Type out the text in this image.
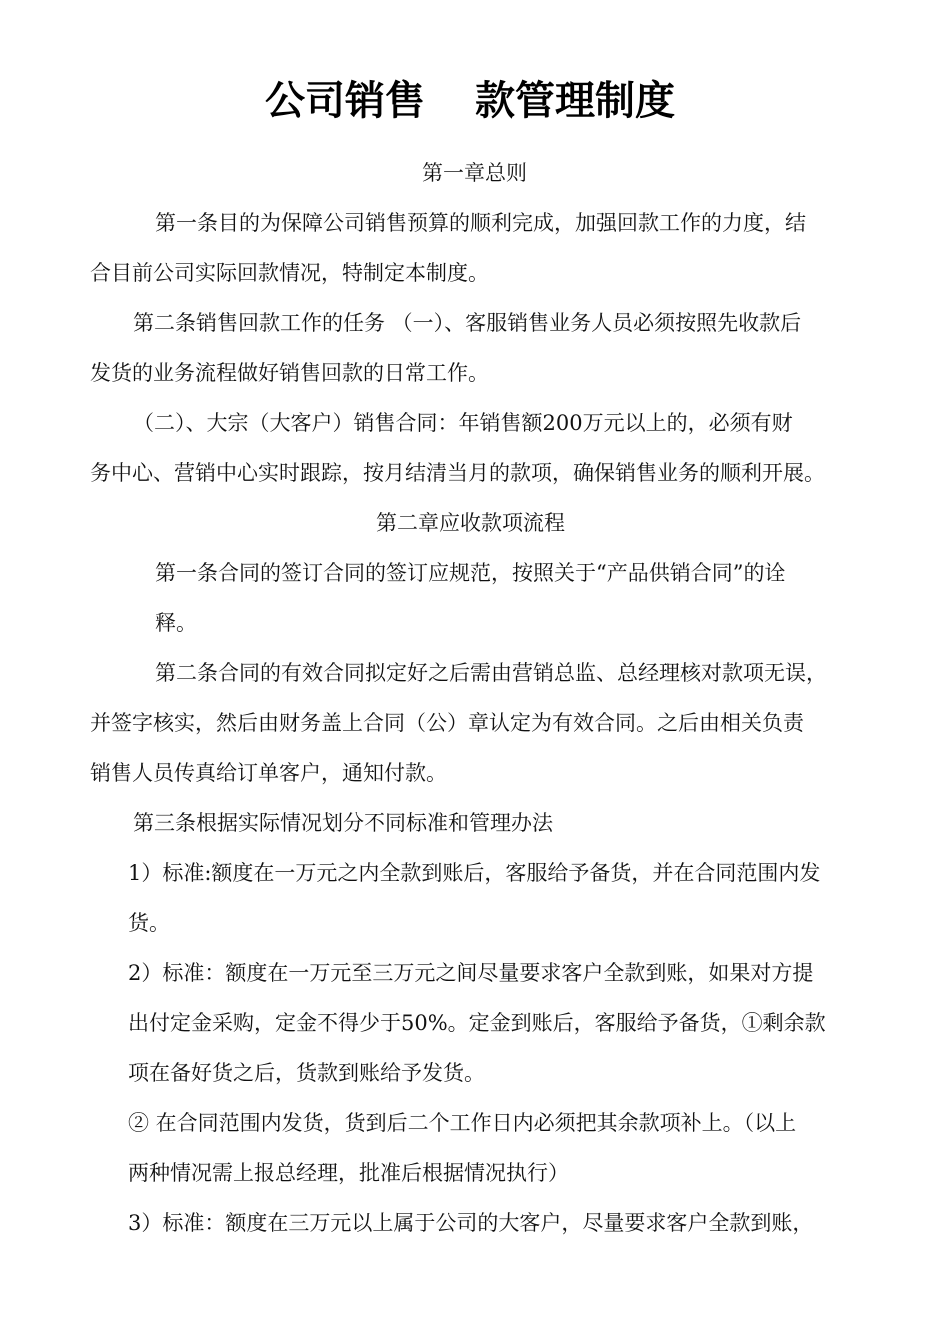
公司销售 款管理制度
第一章总则
第一条目的为保障公司销售预算的顺利完成，加强回款工作的力度，结
合目前公司实际回款情况，特制定本制度。
第二条销售回款工作的任务 （一）、客服销售业务人员必须按照先收款后
发货的业务流程做好销售回款的日常工作。
（二）、大宗（大客户）销售合同：年销售额200万元以上的，必须有财
务中心、营销中心实时跟踪，按月结清当月的款项，确保销售业务的顺利开展。
第二章应收款项流程
第一条合同的签订合同的签订应规范，按照关于“产品供销合同”的诠
释。
第二条合同的有效合同拟定好之后需由营销总监、总经理核对款项无误，
并签字核实，然后由财务盖上合同（公）章认定为有效合同。之后由相关负责
销售人员传真给订单客户，通知付款。
第三条根据实际情况划分不同标准和管理办法
1）标准:额度在一万元之内全款到账后，客服给予备货，并在合同范围内发
货。
2）标准：额度在一万元至三万元之间尽量要求客户全款到账，如果对方提
出付定金采购，定金不得少于50%。定金到账后，客服给予备货，①剩余款
项在备好货之后，货款到账给予发货。
② 在合同范围内发货，货到后二个工作日内必须把其余款项补上。（以上
两种情况需上报总经理，批准后根据情况执行）
3）标准：额度在三万元以上属于公司的大客户，尽量要求客户全款到账，
